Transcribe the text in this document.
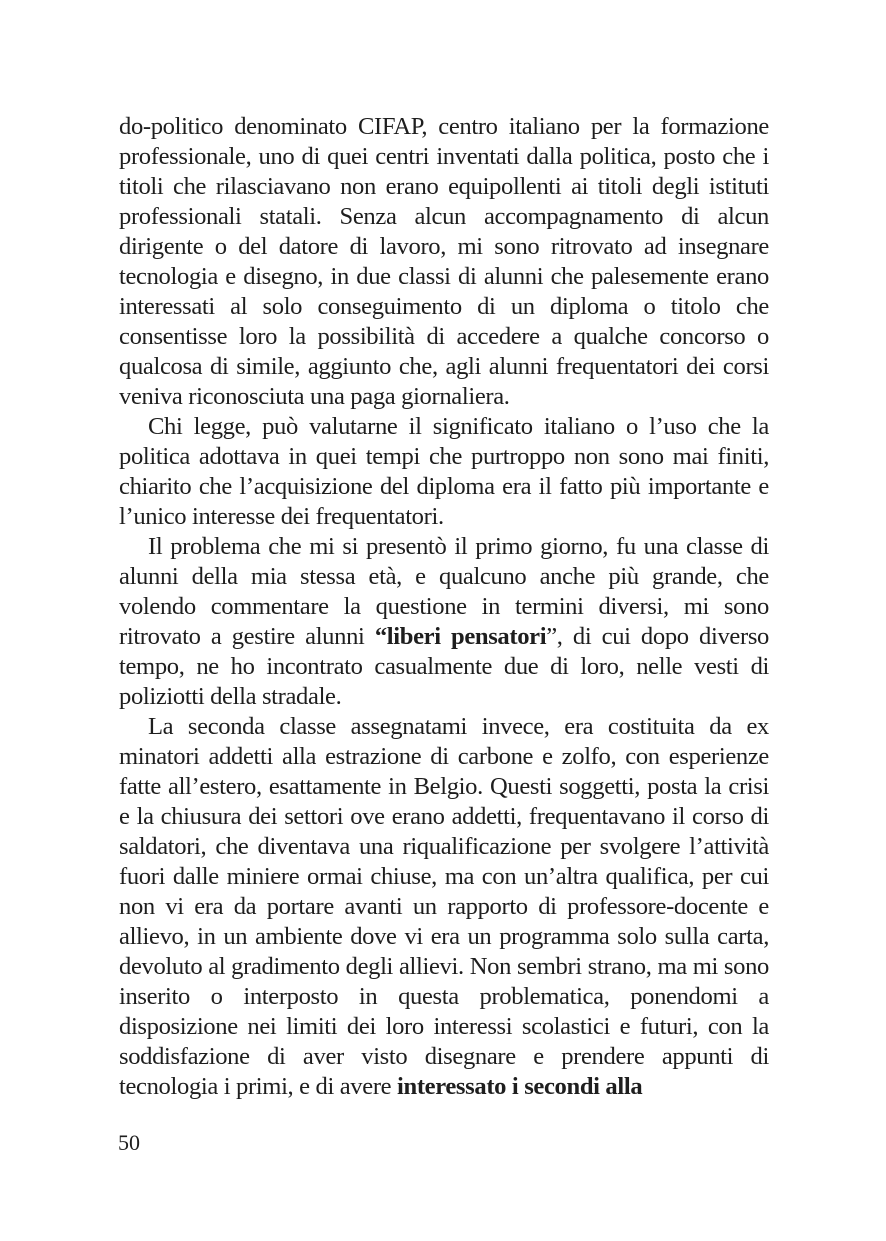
do-politico denominato CIFAP, centro italiano per la formazione professionale, uno di quei centri inventati dalla politica, posto che i titoli che rilasciavano non erano equipollenti ai titoli degli istituti professionali statali. Senza alcun accompagnamento di alcun dirigente o del datore di lavoro, mi sono ritrovato ad insegnare tecnologia e disegno, in due classi di alunni che palesemente erano interessati al solo conseguimento di un diploma o titolo che consentisse loro la possibilità di accedere a qualche concorso o qualcosa di simile, aggiunto che, agli alunni frequentatori dei corsi veniva riconosciuta una paga giornaliera.

Chi legge, può valutarne il significato italiano o l’uso che la politica adottava in quei tempi che purtroppo non sono mai finiti, chiarito che l’acquisizione del diploma era il fatto più importante e l’unico interesse dei frequentatori.

Il problema che mi si presentò il primo giorno, fu una classe di alunni della mia stessa età, e qualcuno anche più grande, che volendo commentare la questione in termini diversi, mi sono ritrovato a gestire alunni “liberi pensatori”, di cui dopo diverso tempo, ne ho incontrato casualmente due di loro, nelle vesti di poliziotti della stradale.

La seconda classe assegnatami invece, era costituita da ex minatori addetti alla estrazione di carbone e zolfo, con esperienze fatte all’estero, esattamente in Belgio. Questi soggetti, posta la crisi e la chiusura dei settori ove erano addetti, frequentavano il corso di saldatori, che diventava una riqualificazione per svolgere l’attività fuori dalle miniere ormai chiuse, ma con un’altra qualifica, per cui non vi era da portare avanti un rapporto di professore-docente e allievo, in un ambiente dove vi era un programma solo sulla carta, devoluto al gradimento degli allievi. Non sembri strano, ma mi sono inserito o interposto in questa problematica, ponendomi a disposizione nei limiti dei loro interessi scolastici e futuri, con la soddisfazione di aver visto disegnare e prendere appunti di tecnologia i primi, e di avere interessato i secondi alla

50
